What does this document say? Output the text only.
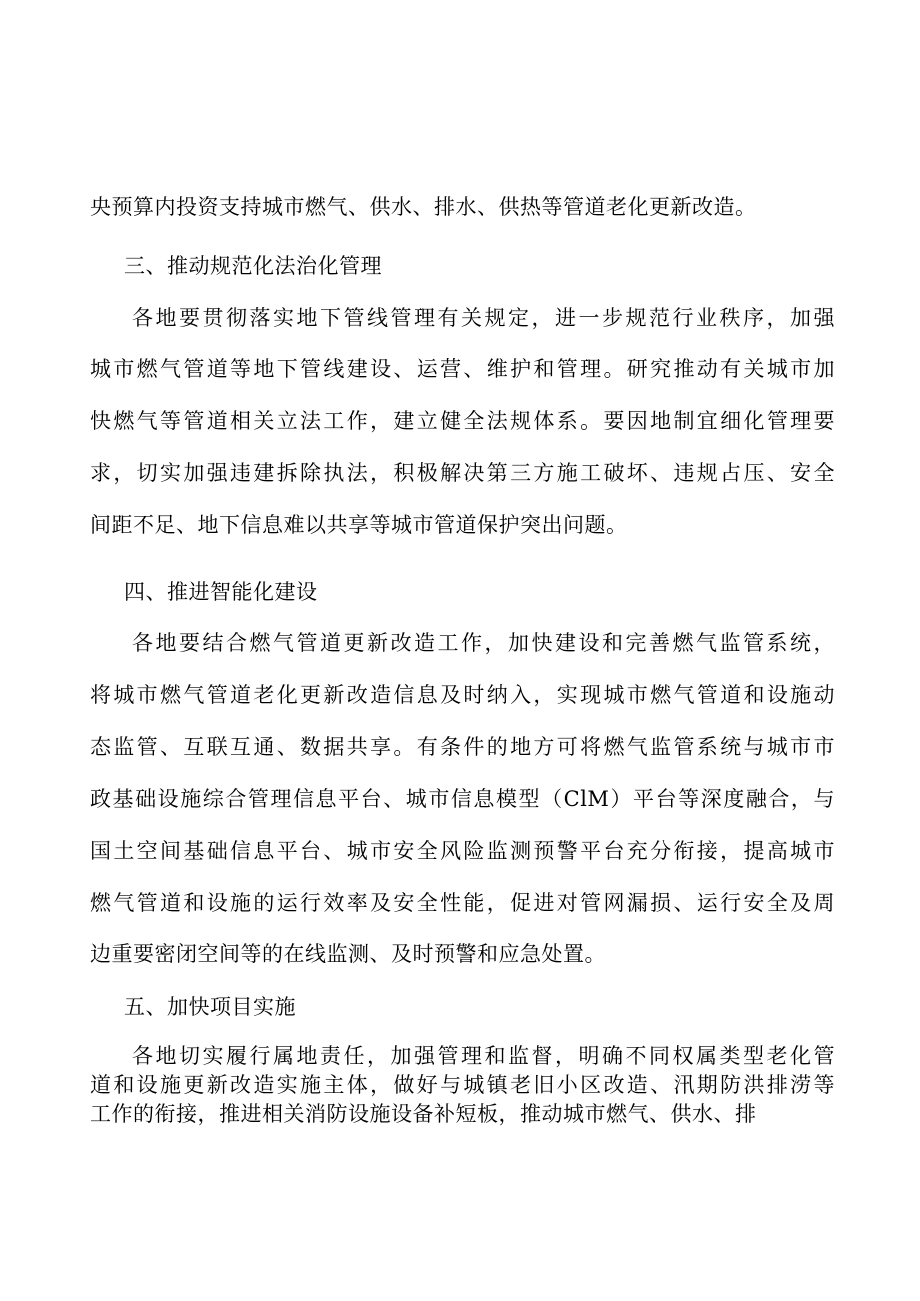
央预算内投资支持城市燃气、供水、排水、供热等管道老化更新改造。
三、推动规范化法治化管理
各地要贯彻落实地下管线管理有关规定，进一步规范行业秩序，加强
城市燃气管道等地下管线建设、运营、维护和管理。研究推动有关城市加
快燃气等管道相关立法工作，建立健全法规体系。要因地制宜细化管理要
求，切实加强违建拆除执法，积极解决第三方施工破坏、违规占压、安全
间距不足、地下信息难以共享等城市管道保护突出问题。
四、推进智能化建设
各地要结合燃气管道更新改造工作，加快建设和完善燃气监管系统，
将城市燃气管道老化更新改造信息及时纳入，实现城市燃气管道和设施动
态监管、互联互通、数据共享。有条件的地方可将燃气监管系统与城市市
政基础设施综合管理信息平台、城市信息模型（ClM）平台等深度融合，与
国土空间基础信息平台、城市安全风险监测预警平台充分衔接，提高城市
燃气管道和设施的运行效率及安全性能，促进对管网漏损、运行安全及周
边重要密闭空间等的在线监测、及时预警和应急处置。
五、加快项目实施
各地切实履行属地责任，加强管理和监督，明确不同权属类型老化管
道和设施更新改造实施主体，做好与城镇老旧小区改造、汛期防洪排涝等
工作的衔接，推进相关消防设施设备补短板，推动城市燃气、供水、排
